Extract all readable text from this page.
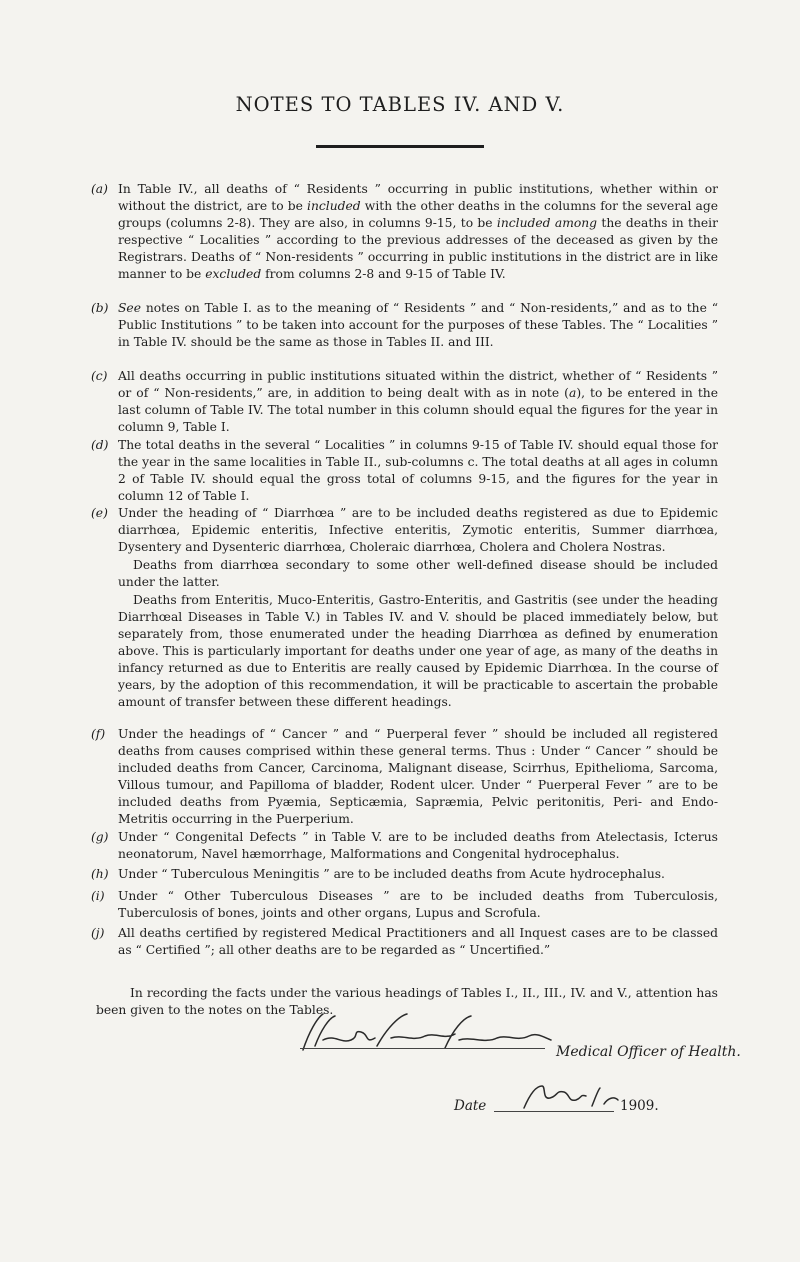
NOTES TO TABLES IV. AND V.
(a) In Table IV., all deaths of “ Residents ” occurring in public institutions, whether within or without the district, are to be included with the other deaths in the columns for the several age groups (columns 2-8). They are also, in columns 9-15, to be included among the deaths in their respective “ Localities ” according to the previous addresses of the deceased as given by the Registrars. Deaths of “ Non-residents ” occurring in public institutions in the district are in like manner to be excluded from columns 2-8 and 9-15 of Table IV.
(b) See notes on Table I. as to the meaning of “ Residents ” and “ Non-residents,” and as to the “ Public Institutions ” to be taken into account for the purposes of these Tables. The “ Localities ” in Table IV. should be the same as those in Tables II. and III.
(c) All deaths occurring in public institutions situated within the district, whether of “ Residents ” or of “ Non-residents,” are, in addition to being dealt with as in note (a), to be entered in the last column of Table IV. The total number in this column should equal the figures for the year in column 9, Table I.
(d) The total deaths in the several “ Localities ” in columns 9-15 of Table IV. should equal those for the year in the same localities in Table II., sub-columns c. The total deaths at all ages in column 2 of Table IV. should equal the gross total of columns 9-15, and the figures for the year in column 12 of Table I.
(e) Under the heading of “ Diarrhœa ” are to be included deaths registered as due to Epidemic diarrhœa, Epidemic enteritis, Infective enteritis, Zymotic enteritis, Summer diarrhœa, Dysentery and Dysenteric diarrhœa, Choleraic diarrhœa, Cholera and Cholera Nostras.
Deaths from diarrhœa secondary to some other well-defined disease should be included under the latter.
Deaths from Enteritis, Muco-Enteritis, Gastro-Enteritis, and Gastritis (see under the heading Diarrhœal Diseases in Table V.) in Tables IV. and V. should be placed immediately below, but separately from, those enumerated under the heading Diarrhœa as defined by enumeration above. This is particularly important for deaths under one year of age, as many of the deaths in infancy returned as due to Enteritis are really caused by Epidemic Diarrhœa. In the course of years, by the adoption of this recommendation, it will be practicable to ascertain the probable amount of transfer between these different headings.
(f) Under the headings of “ Cancer ” and “ Puerperal fever ” should be included all registered deaths from causes comprised within these general terms. Thus : Under “ Cancer ” should be included deaths from Cancer, Carcinoma, Malignant disease, Scirrhus, Epithelioma, Sarcoma, Villous tumour, and Papilloma of bladder, Rodent ulcer. Under “ Puerperal Fever ” are to be included deaths from Pyæmia, Septicæmia, Sapræmia, Pelvic peritonitis, Peri- and Endo-Metritis occurring in the Puerperium.
(g) Under “ Congenital Defects ” in Table V. are to be included deaths from Atelectasis, Icterus neonatorum, Navel hæmorrhage, Malformations and Congenital hydrocephalus.
(h) Under “ Tuberculous Meningitis ” are to be included deaths from Acute hydrocephalus.
(i) Under “ Other Tuberculous Diseases ” are to be included deaths from Tuberculosis, Tuberculosis of bones, joints and other organs, Lupus and Scrofula.
(j) All deaths certified by registered Medical Practitioners and all Inquest cases are to be classed as “ Certified ”; all other deaths are to be regarded as “ Uncertified.”

In recording the facts under the various headings of Tables I., II., III., IV. and V., attention has been given to the notes on the Tables.

Medical Officer of Health.
Date	1909.
